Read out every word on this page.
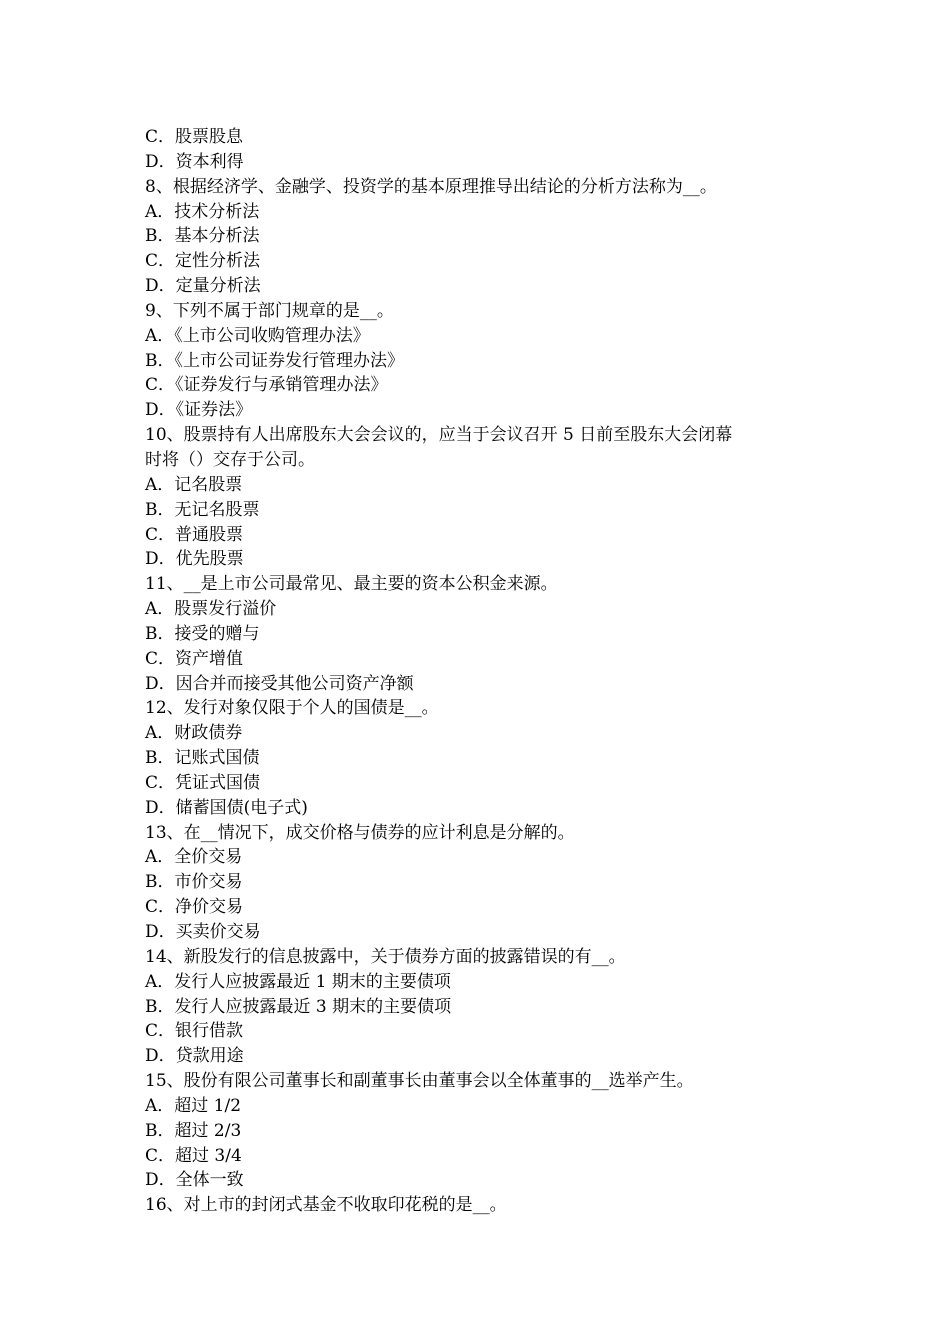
C．股票股息
D．资本利得
8、根据经济学、金融学、投资学的基本原理推导出结论的分析方法称为__。
A．技术分析法
B．基本分析法
C．定性分析法
D．定量分析法
9、下列不属于部门规章的是__。
A．《上市公司收购管理办法》
B．《上市公司证券发行管理办法》
C．《证券发行与承销管理办法》
D．《证券法》
10、股票持有人出席股东大会会议的，应当于会议召开 5 日前至股东大会闭幕
时将（）交存于公司。
A．记名股票
B．无记名股票
C．普通股票
D．优先股票
11、__是上市公司最常见、最主要的资本公积金来源。
A．股票发行溢价
B．接受的赠与
C．资产增值
D．因合并而接受其他公司资产净额
12、发行对象仅限于个人的国债是__。
A．财政债券
B．记账式国债
C．凭证式国债
D．储蓄国债(电子式)
13、在__情况下，成交价格与债券的应计利息是分解的。
A．全价交易
B．市价交易
C．净价交易
D．买卖价交易
14、新股发行的信息披露中，关于债券方面的披露错误的有__。
A．发行人应披露最近 1 期末的主要债项
B．发行人应披露最近 3 期末的主要债项
C．银行借款
D．贷款用途
15、股份有限公司董事长和副董事长由董事会以全体董事的__选举产生。
A．超过 1/2
B．超过 2/3
C．超过 3/4
D．全体一致
16、对上市的封闭式基金不收取印花税的是__。
